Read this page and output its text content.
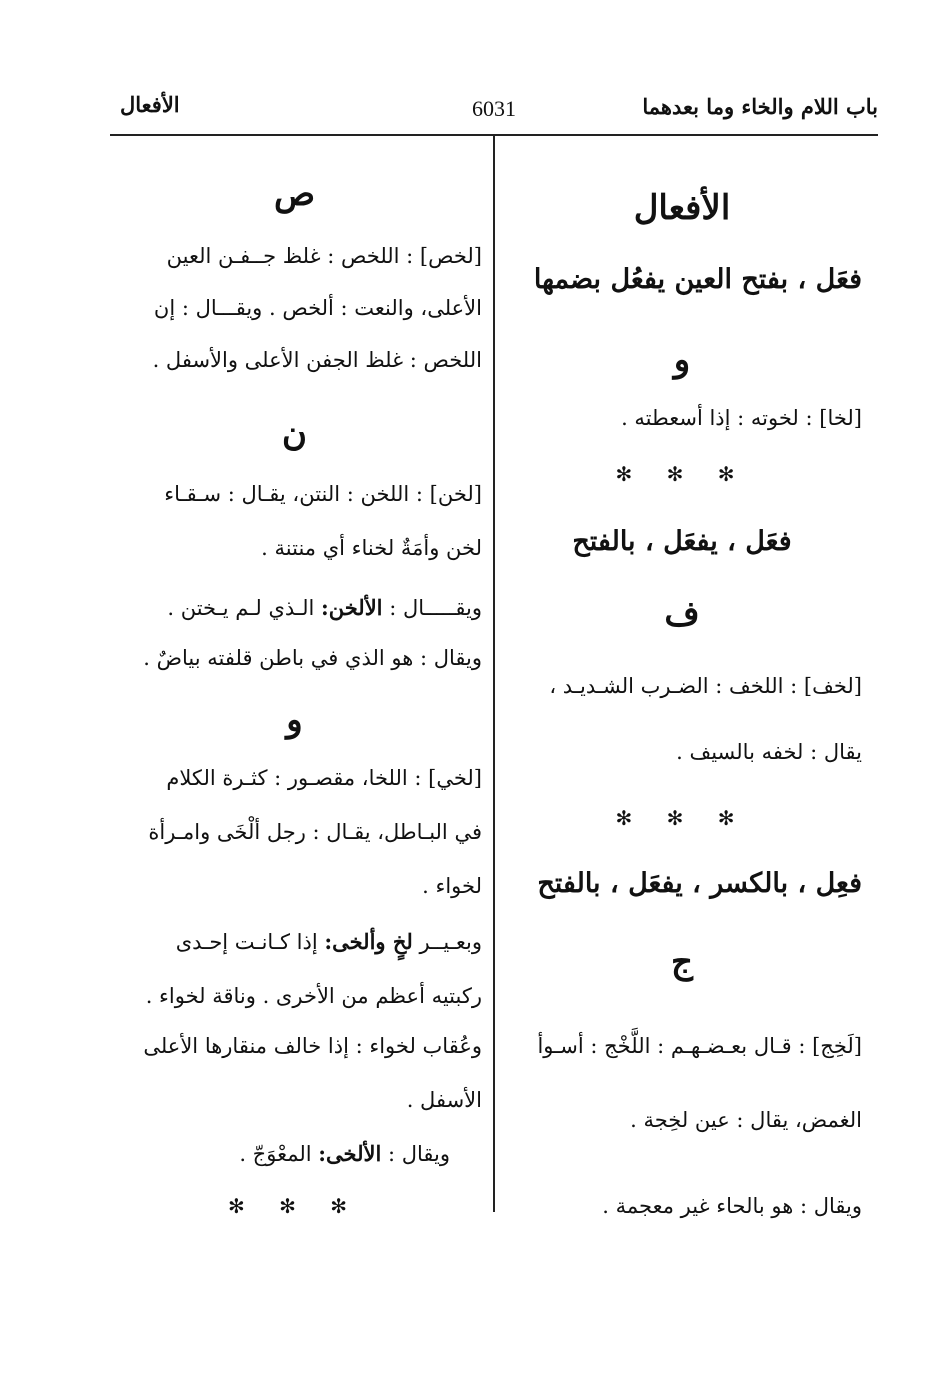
باب اللام والخاء وما بعدهما
6031
الأفعال
الأفعال
فعَل ، بفتح العين يفعُل بضمها
و
[لخا] : لخوته : إذا أسعطته .
✻ ✻ ✻
فعَل ، يفعَل ، بالفتح
ف
[لخف] : اللخف : الضـرب الشـديـد ،
يقال : لخفه بالسيف .
✻ ✻ ✻
فعِل ، بالكسر ، يفعَل ، بالفتح
ج
[لَخِج] : قـال بعـضـهـم : اللَّخْج : أسـوأ
الغمض، يقال : عين لخِجة .
ويقال : هو بالحاء غير معجمة .
ص
[لخص] : اللخص : غلظ جــفـن العين
الأعلى، والنعت : ألخص . ويقـــال : إن
اللخص : غلظ الجفن الأعلى والأسفل .
ن
[لخن] : اللخن : النتن، يقـال : سـقـاء
لخن وأمَةٌ لخناء أي منتنة .
ويقـــــال : الألخن: الـذي لـم يـختن .
ويقال : هو الذي في باطن قلفته بياضٌ .
و
[لخي] : اللخا، مقصـور : كثـرة الكلام
في البـاطل، يقـال : رجل ألْخَى وامـرأة
لخواء .
وبعـيــر لخٍ وألخى: إذا كـانـت إحـدى
ركبتيه أعظم من الأخرى . وناقة لخواء .
وعُقاب لخواء : إذا خالف منقارها الأعلى
الأسفل .
ويقال : الألخى: المعْوَجّ .
✻ ✻ ✻
